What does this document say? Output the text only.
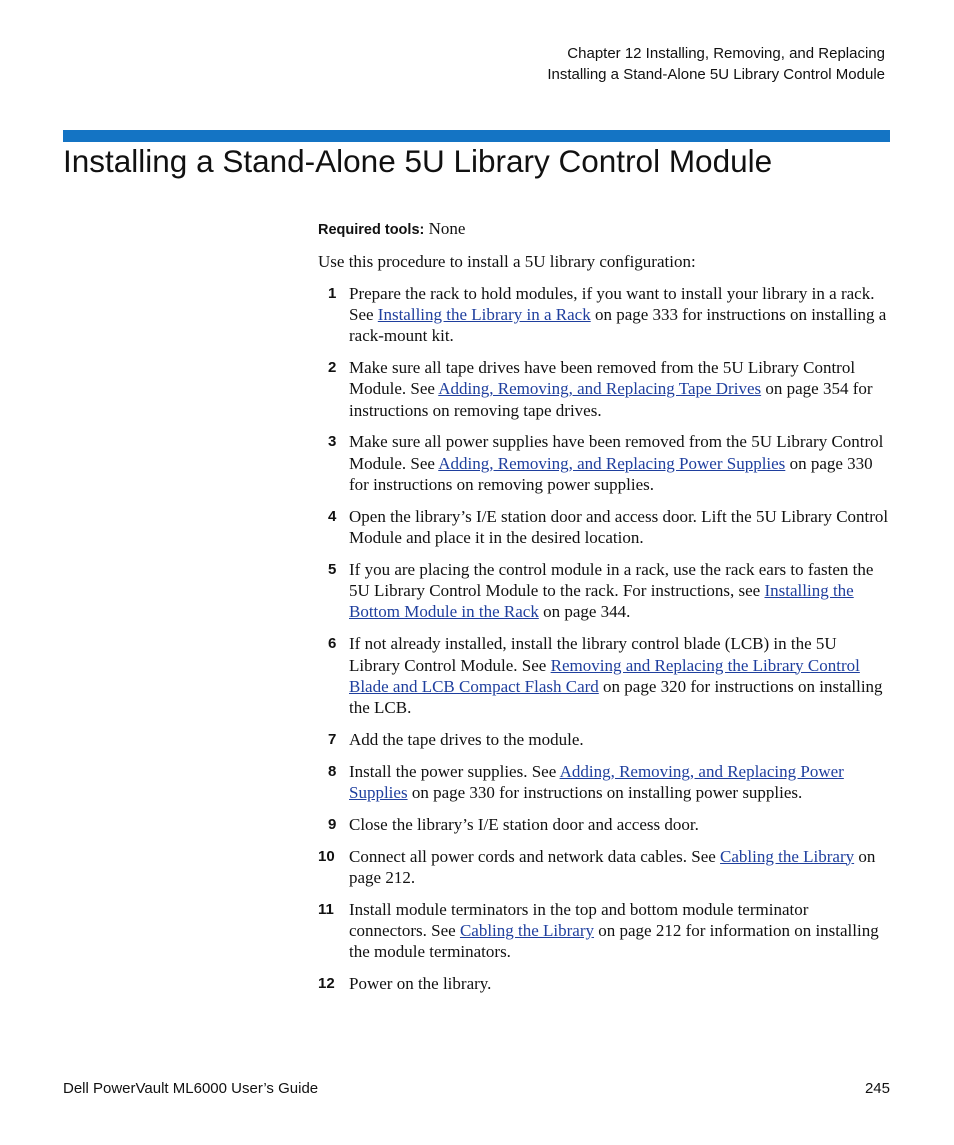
Chapter 12 Installing, Removing, and Replacing
Installing a Stand-Alone 5U Library Control Module
Installing a Stand-Alone 5U Library Control Module

Required tools: None

Use this procedure to install a 5U library configuration:

1 Prepare the rack to hold modules, if you want to install your library in a rack. See Installing the Library in a Rack on page 333 for instructions on installing a rack-mount kit.
2 Make sure all tape drives have been removed from the 5U Library Control Module. See Adding, Removing, and Replacing Tape Drives on page 354 for instructions on removing tape drives.
3 Make sure all power supplies have been removed from the 5U Library Control Module. See Adding, Removing, and Replacing Power Supplies on page 330 for instructions on removing power supplies.
4 Open the library’s I/E station door and access door. Lift the 5U Library Control Module and place it in the desired location.
5 If you are placing the control module in a rack, use the rack ears to fasten the 5U Library Control Module to the rack. For instructions, see Installing the Bottom Module in the Rack on page 344.
6 If not already installed, install the library control blade (LCB) in the 5U Library Control Module. See Removing and Replacing the Library Control Blade and LCB Compact Flash Card on page 320 for instructions on installing the LCB.
7 Add the tape drives to the module.
8 Install the power supplies. See Adding, Removing, and Replacing Power Supplies on page 330 for instructions on installing power supplies.
9 Close the library’s I/E station door and access door.
10 Connect all power cords and network data cables. See Cabling the Library on page 212.
11 Install module terminators in the top and bottom module terminator connectors. See Cabling the Library on page 212 for information on installing the module terminators.
12 Power on the library.
Dell PowerVault ML6000 User’s Guide	245
